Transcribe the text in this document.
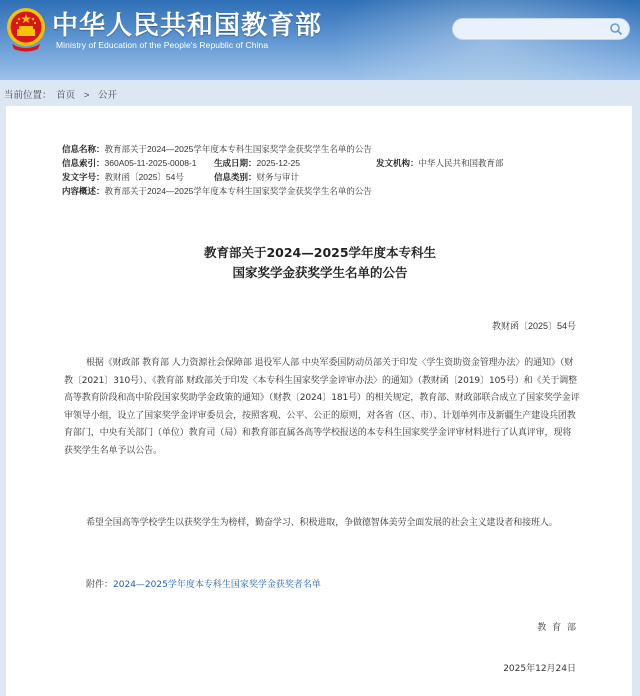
中华人民共和国教育部
Ministry of Education of the People's Republic of China
当前位置： 首页 > 公开
信息名称：教育部关于2024—2025学年度本专科生国家奖学金获奖学生名单的公告
信息索引：360A05-11-2025-0008-1 生成日期：2025-12-25	发文机构：中华人民共和国教育部
发文字号：教财函〔2025〕54号	信息类别：财务与审计
内容概述：教育部关于2024—2025学年度本专科生国家奖学金获奖学生名单的公告
教育部关于2024—2025学年度本专科生
国家奖学金获奖学生名单的公告
教财函〔2025〕54号
根据《财政部 教育部 人力资源社会保障部 退役军人部 中央军委国防动员部关于印发〈学生资助资金管理办法〉的通知》（财教〔2021〕310号）、《教育部 财政部关于印发〈本专科生国家奖学金评审办法〉的通知》（教财函〔2019〕105号）和《关于调整高等教育阶段和高中阶段国家奖助学金政策的通知》（财教〔2024〕181号）的相关规定，教育部、财政部联合成立了国家奖学金评审领导小组，设立了国家奖学金评审委员会，按照客观、公平、公正的原则，对各省（区、市）、计划单列市及新疆生产建设兵团教育部门，中央有关部门（单位）教育司（局）和教育部直属各高等学校报送的本专科生国家奖学金评审材料进行了认真评审，现将获奖学生名单予以公告。
希望全国高等学校学生以获奖学生为榜样，勤奋学习、积极进取，争做德智体美劳全面发展的社会主义建设者和接班人。
附件：2024—2025学年度本专科生国家奖学金获奖者名单
教 育 部
2025年12月24日
